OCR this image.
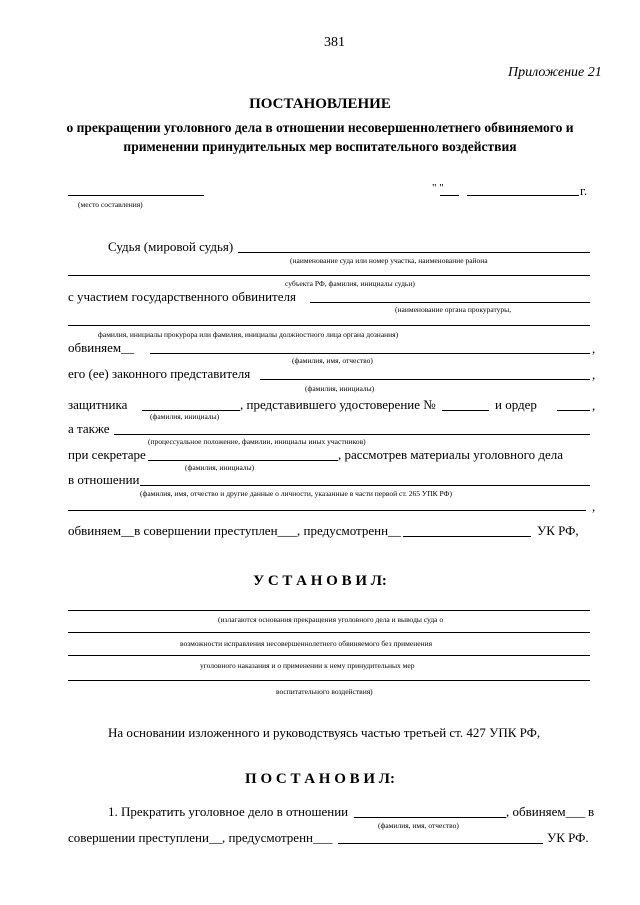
381
Приложение 21
ПОСТАНОВЛЕНИЕ
о прекращении уголовного дела в отношении несовершеннолетнего обвиняемого и
применении принудительных мер воспитательного воздействия
(место составления)
" "	г.
Судья (мировой судья)
(наименование суда или номер участка, наименование района
субъекта РФ, фамилия, инициалы судьи)
с участием государственного обвинителя
(наименование органа прокуратуры,
фамилия, инициалы прокурора или фамилия, инициалы должностного лица органа дознания)
обвиняем__	,
(фамилия, имя, отчество)
его (ее) законного представителя	,
(фамилия, инициалы)
защитника	, представившего удостоверение №	и ордер	,
(фамилия, инициалы)
а также
(процессуальное положение, фамилии, инициалы иных участников)
при секретаре	, рассмотрев материалы уголовного дела
(фамилия, инициалы)
в отношении
(фамилия, имя, отчество и другие данные о личности, указанные в части первой ст. 265 УПК РФ)
,
обвиняем__в совершении преступлен___, предусмотренн__	УК РФ,
У С Т А Н О В И Л:
(излагаются основания прекращения уголовного дела и выводы суда о
возможности исправления несовершеннолетнего обвиняемого без применения
уголовного наказания и о применении к нему принудительных мер
воспитательного воздействия)
На основании изложенного и руководствуясь частью третьей ст. 427 УПК РФ,
П О С Т А Н О В И Л:
1. Прекратить уголовное дело в отношении	, обвиняем___ в
(фамилия, имя, отчество)
совершении преступлени__, предусмотренн___	УК РФ.
